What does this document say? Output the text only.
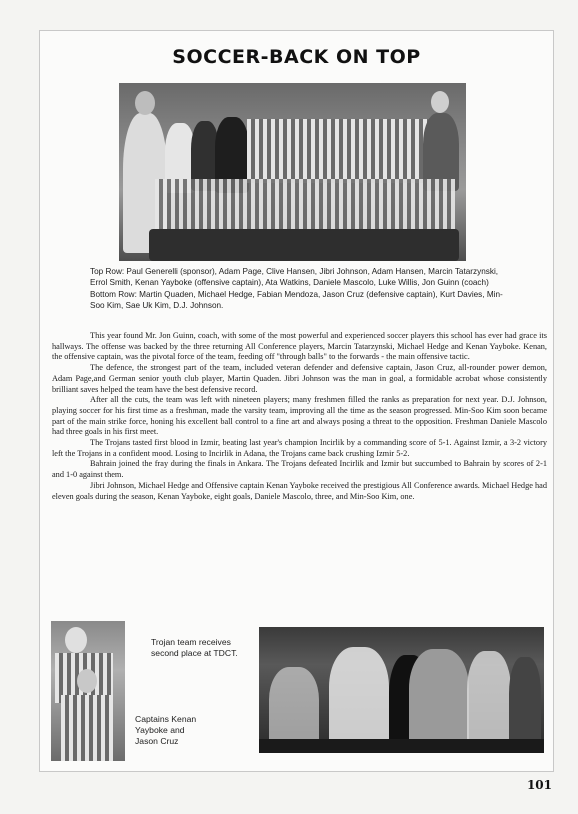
SOCCER-BACK ON TOP
Top Row: Paul Generelli (sponsor), Adam Page, Clive Hansen, Jibri Johnson, Adam Hansen, Marcin Tatarzynski, Errol Smith, Kenan Yayboke (offensive captain), Ata Watkins, Daniele Mascolo, Luke Willis, Jon Guinn (coach) Bottom Row: Martin Quaden, Michael Hedge, Fabian Mendoza, Jason Cruz (defensive captain), Kurt Davies, Min-Soo Kim, Sae Uk Kim, D.J. Johnson.

This year found Mr. Jon Guinn, coach, with some of the most powerful and experienced soccer players this school has ever had grace its hallways. The offense was backed by the three returning All Conference players, Marcin Tatarzynski, Michael Hedge and Kenan Yayboke. Kenan, the offensive captain, was the pivotal force of the team, feeding off "through balls" to the forwards - the main offensive tactic.

The defence, the strongest part of the team, included veteran defender and defensive captain, Jason Cruz, all-rounder power demon, Adam Page,and German senior youth club player, Martin Quaden. Jibri Johnson was the man in goal, a formidable acrobat whose consistently brilliant saves helped the team have the best defensive record.

After all the cuts, the team was left with nineteen players; many freshmen filled the ranks as preparation for next year. D.J. Johnson, playing soccer for his first time as a freshman, made the varsity team, improving all the time as the season progressed. Min-Soo Kim soon became part of the main strike force, honing his excellent ball control to a fine art and always posing a threat to the opposition. Freshman Daniele Mascolo had three goals in his first meet.

The Trojans tasted first blood in Izmir, beating last year's champion Incirlik by a commanding score of 5-1. Against Izmir, a 3-2 victory left the Trojans in a confident mood. Losing to Incirlik in Adana, the Trojans came back crushing Izmir 5-2.

Bahrain joined the fray during the finals in Ankara. The Trojans defeated Incirlik and Izmir but succumbed to Bahrain by scores of 2-1 and 1-0 against them.

Jibri Johnson, Michael Hedge and Offensive captain Kenan Yayboke received the prestigious All Conference awards. Michael Hedge had eleven goals during the season, Kenan Yayboke, eight goals, Daniele Mascolo, three, and Min-Soo Kim, one.

Trojan team receives
second place at TDCT.
Captains Kenan
Yayboke and
Jason Cruz
101
